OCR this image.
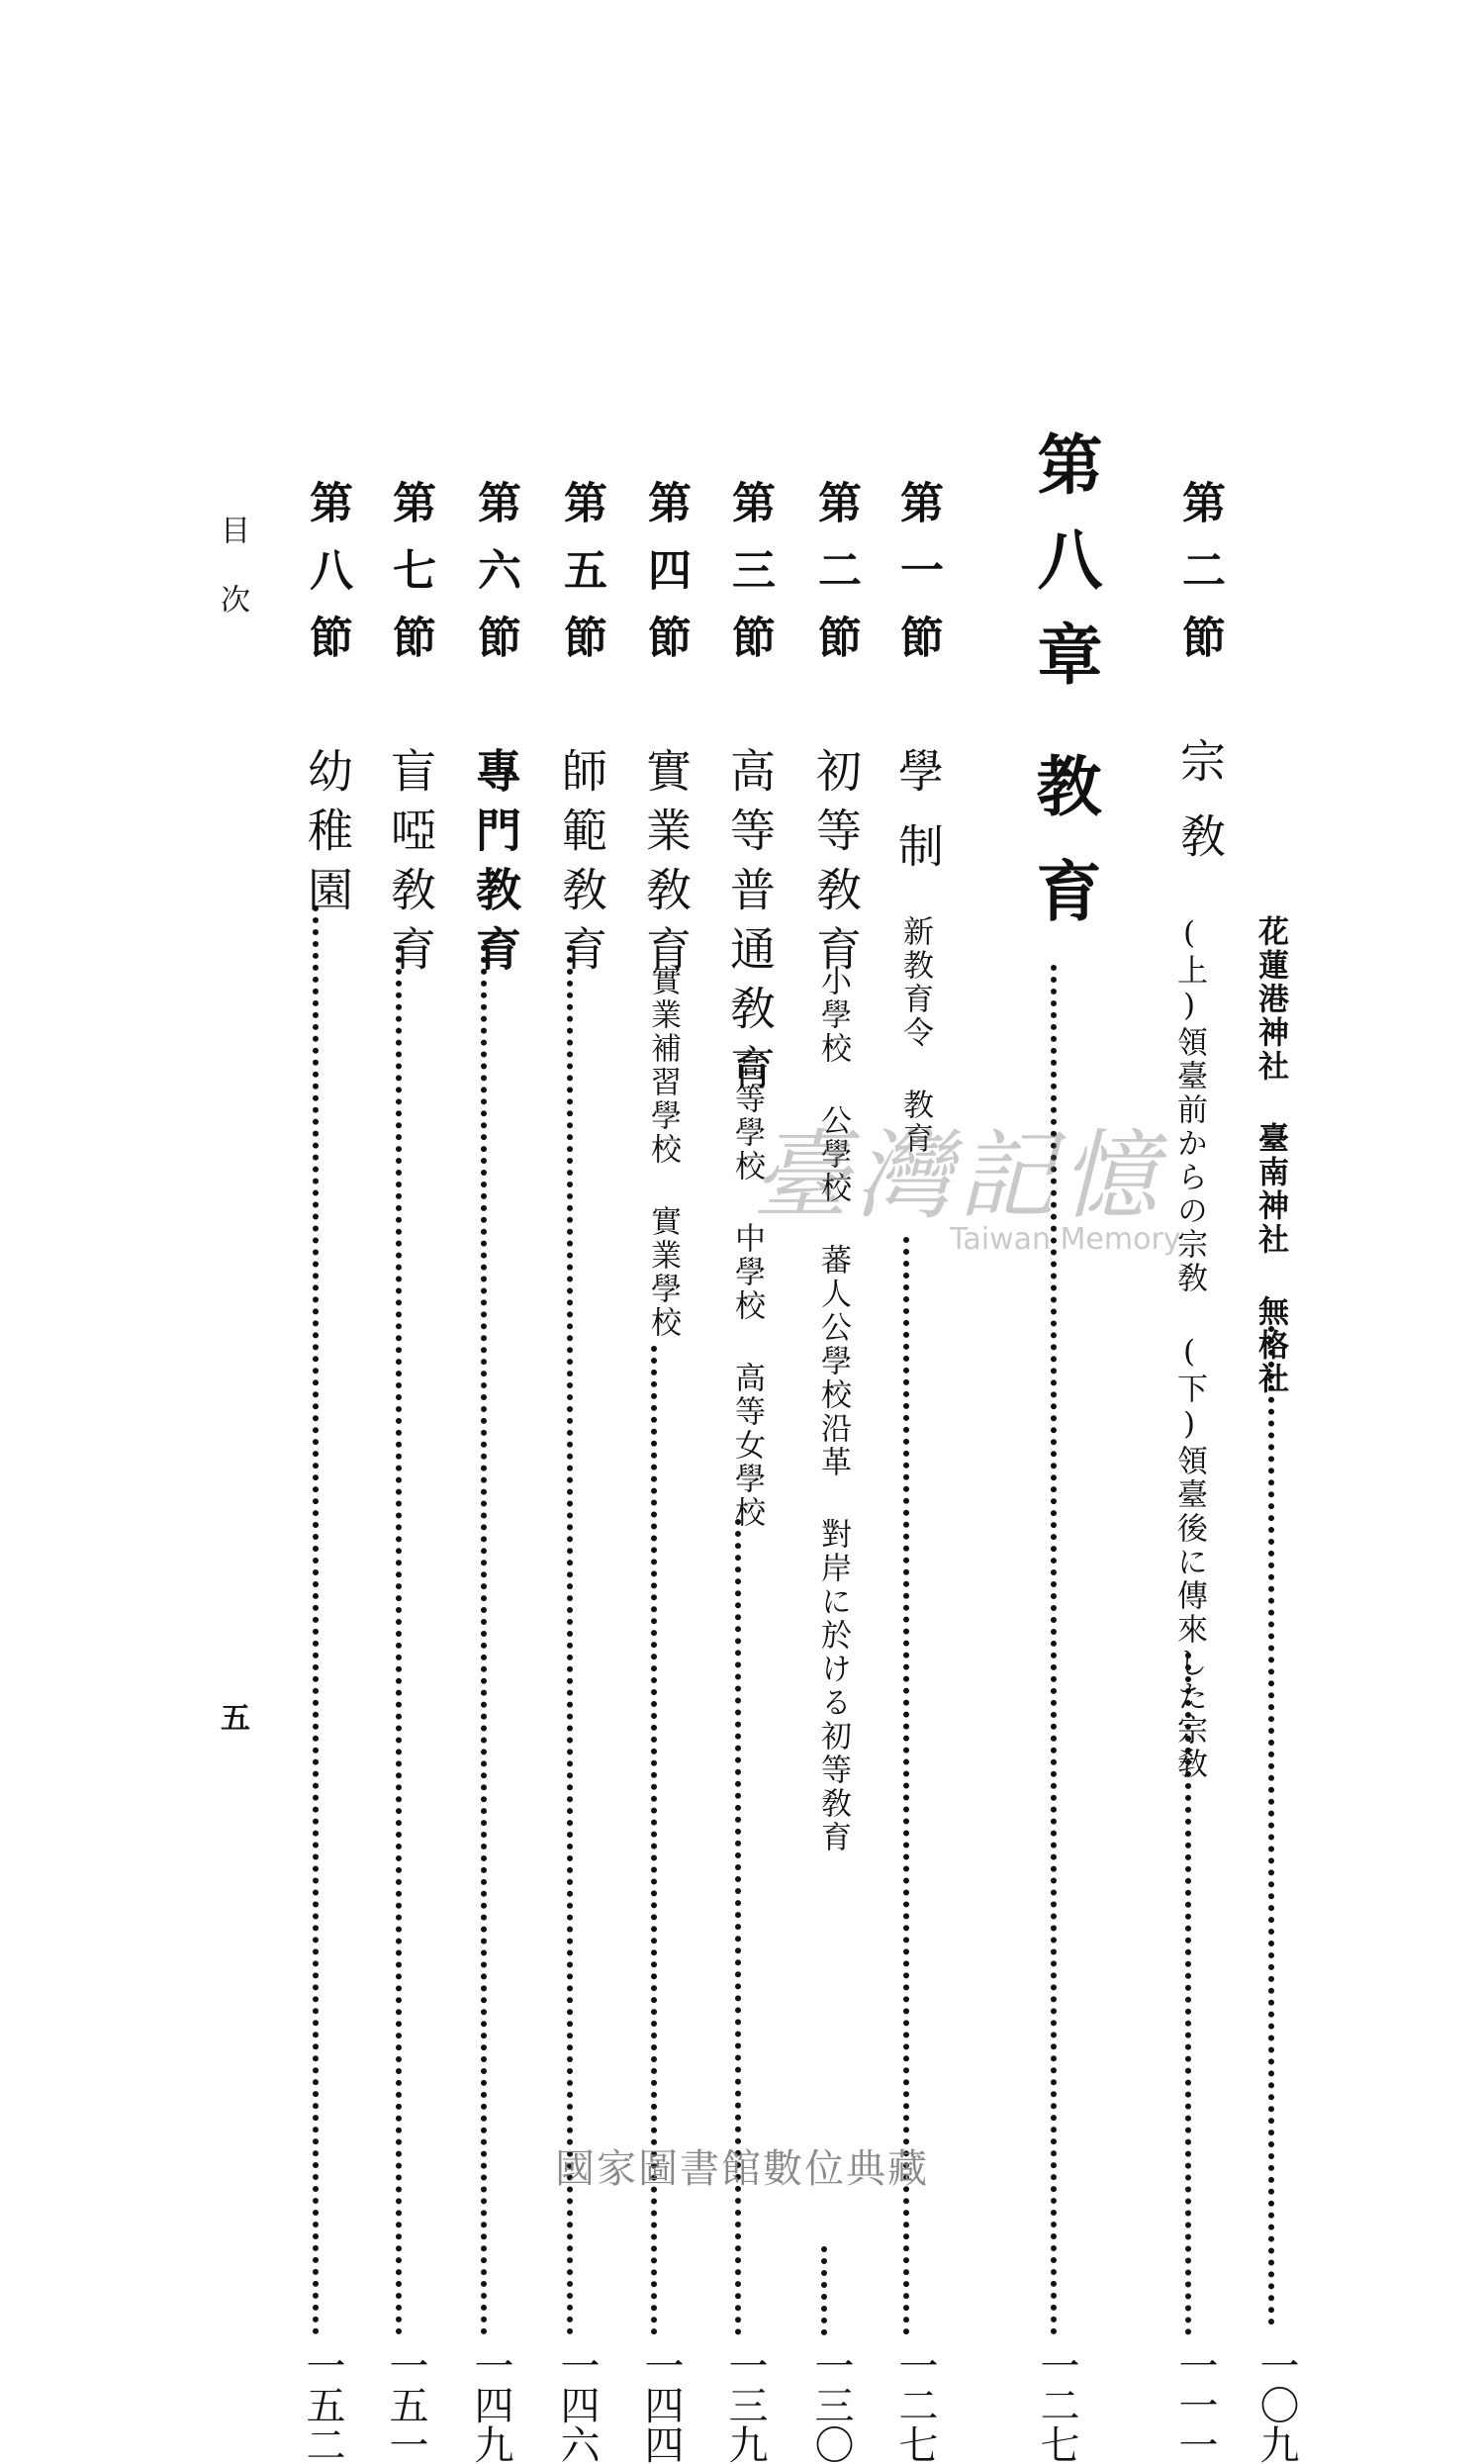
花蓮港神社 臺南神社 無格社
一〇九
第二節
宗敎
(上)領臺前からの宗敎 (下)領臺後に傳來した宗敎
一一一
第八章
教育
一二七
第一節
學制
新教育令 教育
一二七
第二節
初等敎育
小學校 公學校 蕃人公學校沿革 對岸に於ける初等敎育
一三〇
第三節
高等普通敎育
高等學校 中學校 高等女學校
一三九
第四節
實業敎育
實業補習學校 實業學校
一四四
第五節
師範敎育
一四六
第六節
專門教育
一四九
第七節
盲啞敎育
一五一
第八節
幼稚園
一五二
目次
五
臺灣記憶
Taiwan Memory
國家圖書館數位典藏
